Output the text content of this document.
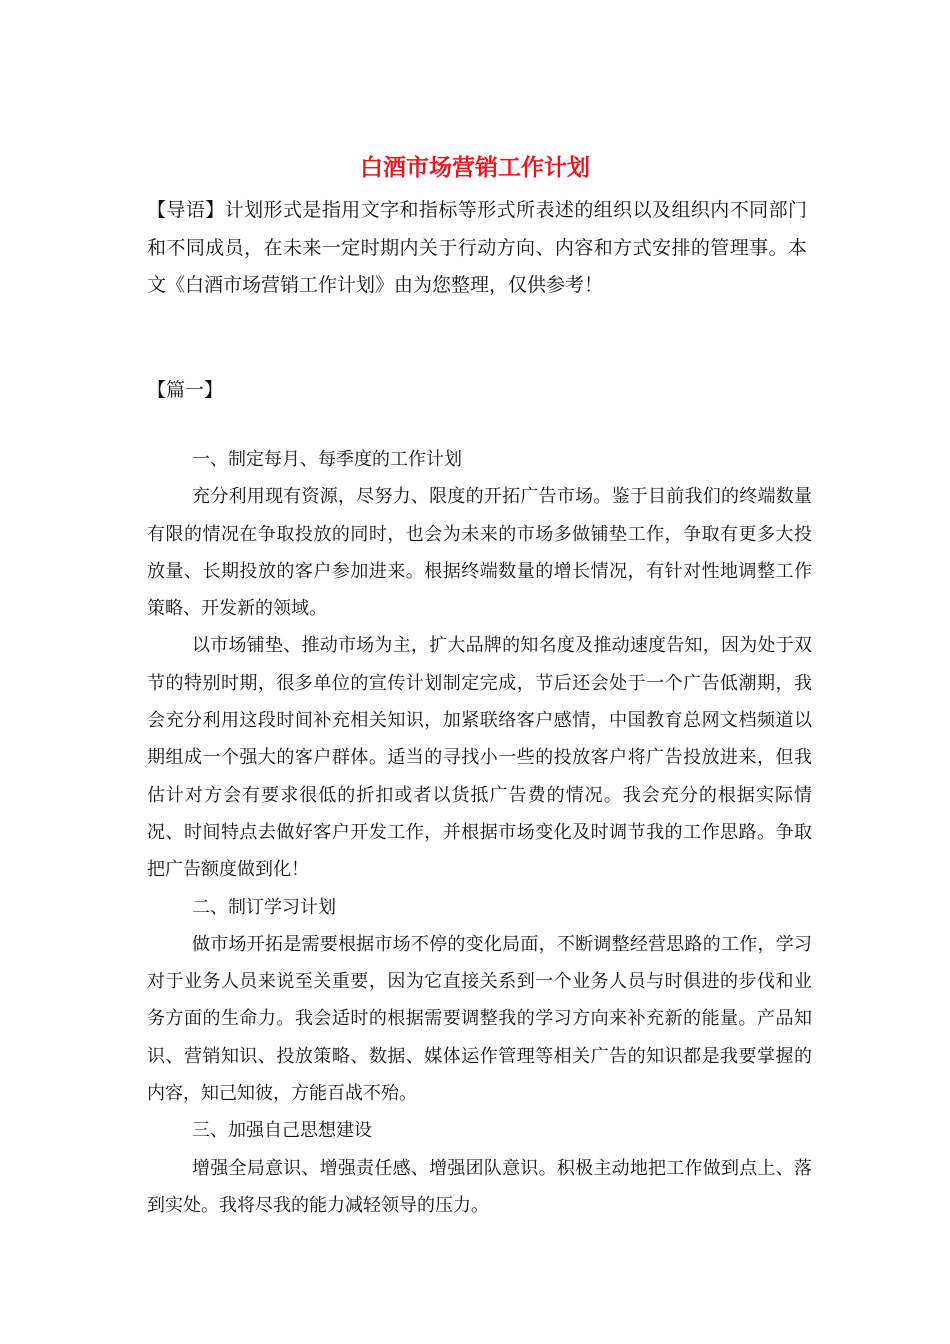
白酒市场营销工作计划

【导语】计划形式是指用文字和指标等形式所表述的组织以及组织内不同部门和不同成员，在未来一定时期内关于行动方向、内容和方式安排的管理事。本文《白酒市场营销工作计划》由为您整理，仅供参考！

【篇一】

一、制定每月、每季度的工作计划

充分利用现有资源，尽努力、限度的开拓广告市场。鉴于目前我们的终端数量有限的情况在争取投放的同时，也会为未来的市场多做铺垫工作，争取有更多大投放量、长期投放的客户参加进来。根据终端数量的增长情况，有针对性地调整工作策略、开发新的领域。

以市场铺垫、推动市场为主，扩大品牌的知名度及推动速度告知，因为处于双节的特别时期，很多单位的宣传计划制定完成，节后还会处于一个广告低潮期，我会充分利用这段时间补充相关知识，加紧联络客户感情，中国教育总网文档频道以期组成一个强大的客户群体。适当的寻找小一些的投放客户将广告投放进来，但我估计对方会有要求很低的折扣或者以货抵广告费的情况。我会充分的根据实际情况、时间特点去做好客户开发工作，并根据市场变化及时调节我的工作思路。争取把广告额度做到化！

二、制订学习计划

做市场开拓是需要根据市场不停的变化局面，不断调整经营思路的工作，学习对于业务人员来说至关重要，因为它直接关系到一个业务人员与时俱进的步伐和业务方面的生命力。我会适时的根据需要调整我的学习方向来补充新的能量。产品知识、营销知识、投放策略、数据、媒体运作管理等相关广告的知识都是我要掌握的内容，知己知彼，方能百战不殆。

三、加强自己思想建设

增强全局意识、增强责任感、增强团队意识。积极主动地把工作做到点上、落到实处。我将尽我的能力减轻领导的压力。
